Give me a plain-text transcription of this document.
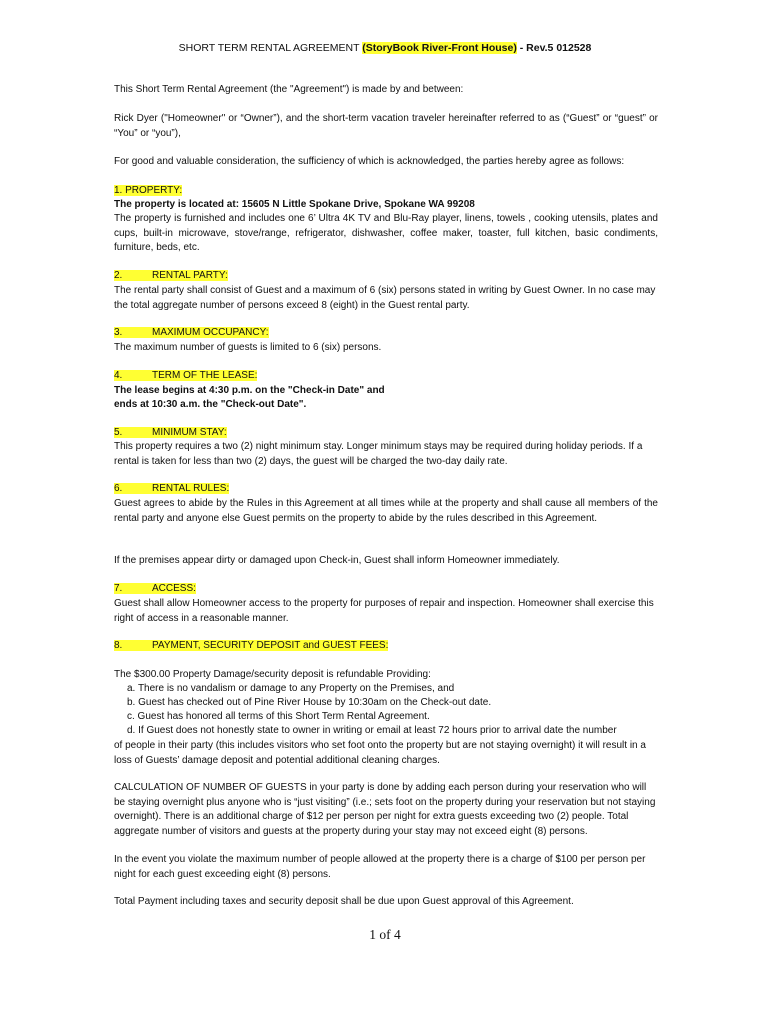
SHORT TERM RENTAL AGREEMENT (StoryBook River-Front House) - Rev.5 012528
This Short Term Rental Agreement (the "Agreement") is made by and between:
Rick Dyer ("Homeowner" or “Owner”), and the short-term vacation traveler hereinafter referred to as (“Guest” or “guest” or “You” or “you”),
For good and valuable consideration, the sufficiency of which is acknowledged, the parties hereby agree as follows:
1. PROPERTY:
The property is located at: 15605 N Little Spokane Drive, Spokane WA 99208
The property is furnished and includes one 6’ Ultra 4K TV and Blu-Ray player, linens, towels , cooking utensils, plates and cups, built-in microwave, stove/range, refrigerator, dishwasher, coffee maker, toaster, full kitchen, basic condiments, furniture, beds, etc.
2.	RENTAL PARTY:
The rental party shall consist of Guest and a maximum of 6 (six) persons stated in writing by Guest Owner. In no case may the total aggregate number of persons exceed 8 (eight) in the Guest rental party.
3.	MAXIMUM OCCUPANCY:
The maximum number of guests is limited to 6 (six) persons.
4.	TERM OF THE LEASE:
The lease begins at 4:30 p.m. on the "Check-in Date" and
ends at 10:30 a.m. the "Check-out Date".
5.	MINIMUM STAY:
This property requires a two (2) night minimum stay. Longer minimum stays may be required during holiday periods. If a rental is taken for less than two (2) days, the guest will be charged the two-day daily rate.
6.	RENTAL RULES:
Guest agrees to abide by the Rules in this Agreement at all times while at the property and shall cause all members of the rental party and anyone else Guest permits on the property to abide by the rules described in this Agreement.
If the premises appear dirty or damaged upon Check-in, Guest shall inform Homeowner immediately.
7.	ACCESS:
Guest shall allow Homeowner access to the property for purposes of repair and inspection. Homeowner shall exercise this right of access in a reasonable manner.
8.	PAYMENT, SECURITY DEPOSIT and GUEST FEES:
The $300.00 Property Damage/security deposit is refundable Providing:
a. There is no vandalism or damage to any Property on the Premises, and
b. Guest has checked out of Pine River House by 10:30am on the Check-out date.
c. Guest has honored all terms of this Short Term Rental Agreement.
d. If Guest does not honestly state to owner in writing or email at least 72 hours prior to arrival date the number
of people in their party (this includes visitors who set foot onto the property but are not staying overnight) it will result in a loss of Guests’ damage deposit and potential additional cleaning charges.
CALCULATION OF NUMBER OF GUESTS in your party is done by adding each person during your reservation who will be staying overnight plus anyone who is “just visiting” (i.e.; sets foot on the property during your reservation but not staying overnight). There is an additional charge of $12 per person per night for extra guests exceeding two (2) people. Total aggregate number of visitors and guests at the property during your stay may not exceed eight (8) persons.
In the event you violate the maximum number of people allowed at the property there is a charge of $100 per person per night for each guest exceeding eight (8) persons.
Total Payment including taxes and security deposit shall be due upon Guest approval of this Agreement.
1 of 4
